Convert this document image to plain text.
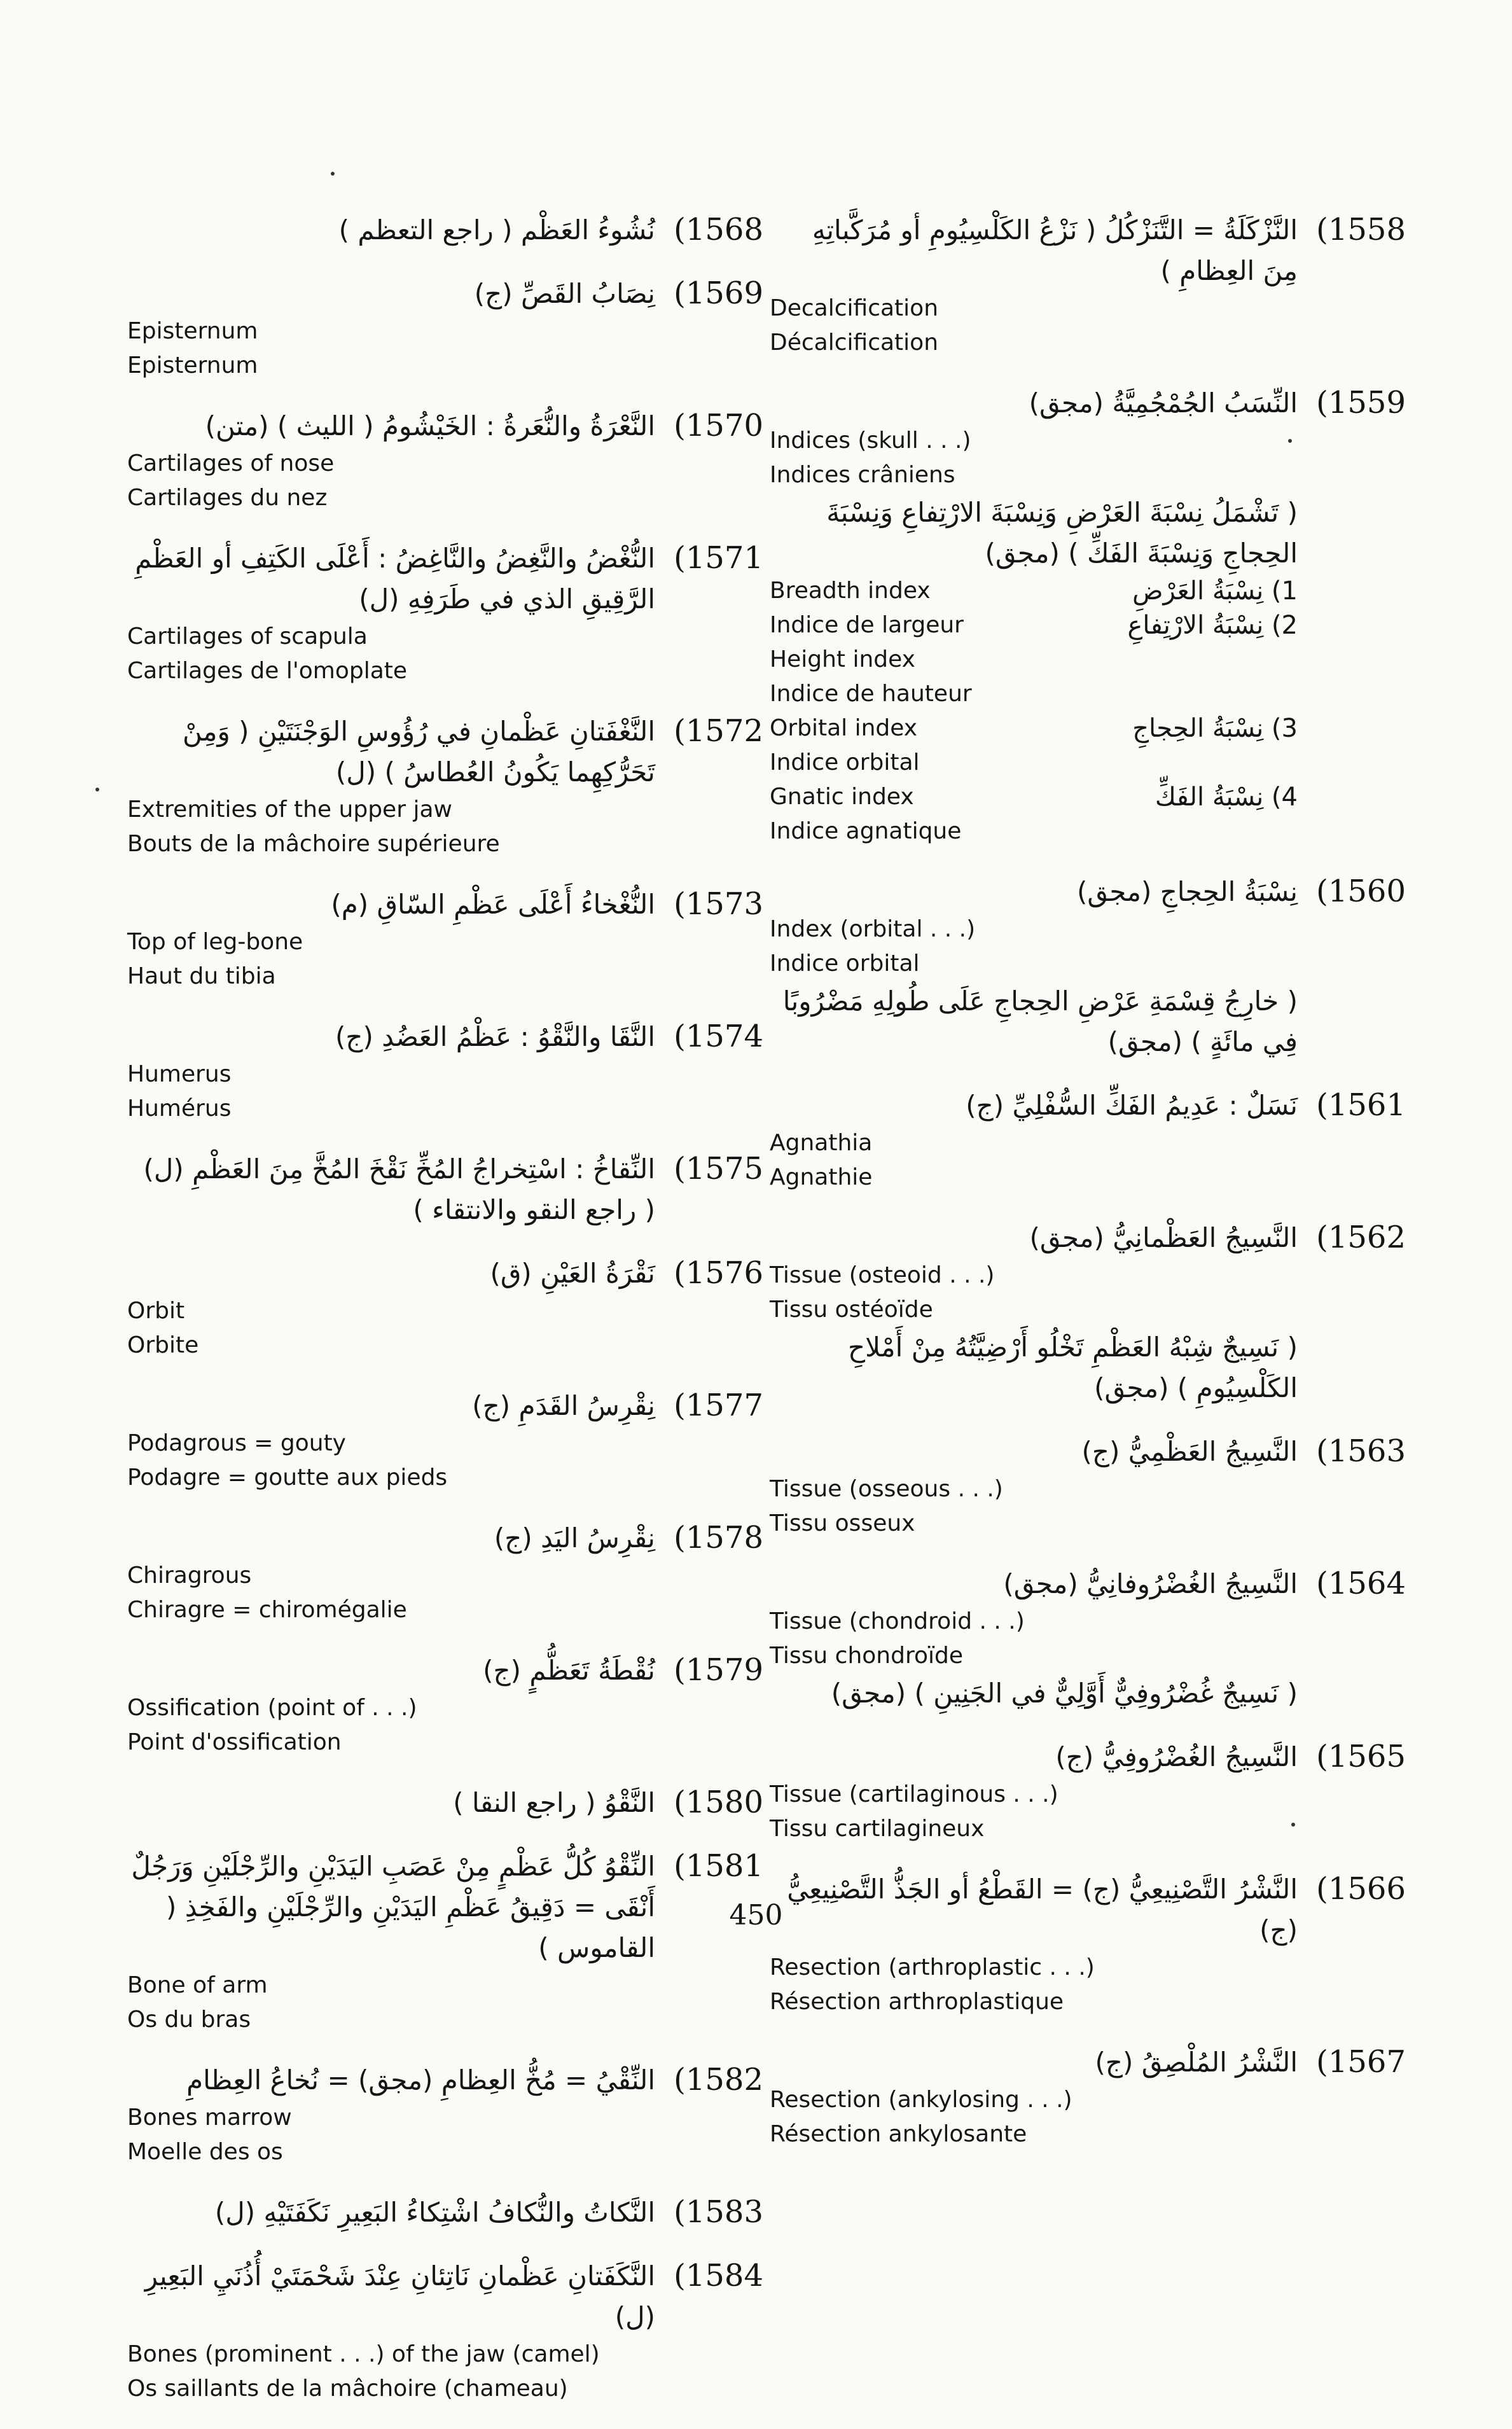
(1568
نُشُوءُ العَظْم ( راجع التعظم )
(1569
نِصَابُ القَصِّ (ج)
Episternum
Episternum
(1570
النَّعْرَةُ والنُّعَرةُ : الخَيْشُومُ ( الليث ) (متن)
Cartilages of nose
Cartilages du nez
(1571
النُّغْضُ والنَّغِضُ والنَّاغِضُ : أَعْلَى الكَتِفِ أو العَظْمِ الرَّقِيقِ الذي في طَرَفِهِ (ل)
Cartilages of scapula
Cartilages de l'omoplate
(1572
النَّغْفَتانِ عَظْمانِ في رُؤُوسِ الوَجْنَتَيْنِ ( وَمِنْ تَحَرُّكِهِما يَكُونُ العُطاسُ ) (ل)
Extremities of the upper jaw
Bouts de la mâchoire supérieure
(1573
النُّغْخاءُ أَعْلَى عَظْمِ السّاقِ (م)
Top of leg-bone
Haut du tibia
(1574
النَّقَا والنَّقْوُ : عَظْمُ العَضُدِ (ج)
Humerus
Humérus
(1575
النِّقاخُ : اسْتِخراجُ المُخِّ نَقْخَ المُخَّ مِنَ العَظْمِ (ل) ( راجع النقو والانتقاء )
(1576
نَقْرَةُ العَيْنِ (ق)
Orbit
Orbite
(1577
نِقْرِسُ القَدَمِ (ج)
Podagrous = gouty
Podagre = goutte aux pieds
(1578
نِقْرِسُ اليَدِ (ج)
Chiragrous
Chiragre = chiromégalie
(1579
نُقْطَةُ تَعَظُّمٍ (ج)
Ossification (point of . . .)
Point d'ossification
(1580
النَّقْوُ ( راجع النقا )
(1581
النِّقْوُ كُلُّ عَظْمٍ مِنْ عَصَبِ اليَدَيْنِ والرِّجْلَيْنِ وَرَجُلٌ أَنْقَى = دَقِيقُ عَظْمِ اليَدَيْنِ والرِّجْلَيْنِ والفَخِذِ ( القاموس )
Bone of arm
Os du bras
(1582
النِّقْيُ = مُخُّ العِظامِ (مجق) = نُخاعُ العِظامِ
Bones marrow
Moelle des os
(1583
النَّكاتُ والنُّكافُ اشْتِكاءُ البَعِيرِ نَكَفَتَيْهِ (ل)
(1584
النَّكَفَتانِ عَظْمانِ نَاتِئانِ عِنْدَ شَحْمَتَيْ أُذُنَيِ البَعِيرِ (ل)
Bones (prominent . . .) of the jaw (camel)
Os saillants de la mâchoire (chameau)
(1558
النَّزْكَلَةُ = التَّنَزْكُلُ ( نَزْعُ الكَلْسِيُومِ أو مُرَكَّباتِهِ مِنَ العِظامِ )
Decalcification
Décalcification
(1559
النِّسَبُ الجُمْجُمِيَّةُ (مجق)
Indices (skull . . .)
Indices crâniens
( تَشْمَلُ نِسْبَةَ العَرْضِ وَنِسْبَةَ الارْتِفاعِ وَنِسْبَةَ الحِجاجِ وَنِسْبَةَ الفَكِّ ) (مجق)
Breadth index
Indice de largeur
Height index
Indice de hauteur
1) نِسْبَةُ العَرْضِ
2) نِسْبَةُ الارْتِفاعِ
Orbital index
Indice orbital
3) نِسْبَةُ الحِجاجِ
Gnatic index
Indice agnatique
4) نِسْبَةُ الفَكِّ
(1560
نِسْبَةُ الحِجاجِ (مجق)
Index (orbital . . .)
Indice orbital
( خارِجُ قِسْمَةِ عَرْضِ الحِجاجِ عَلَى طُولِهِ مَضْرُوبًا فِي مائَةٍ ) (مجق)
(1561
نَسَلٌ : عَدِيمُ الفَكِّ السُّفْلِيِّ (ج)
Agnathia
Agnathie
(1562
النَّسِيجُ العَظْمانِيُّ (مجق)
Tissue (osteoid . . .)
Tissu ostéoïde
( نَسِيجٌ شِبْهُ العَظْمِ تَخْلُو أَرْضِيَّتُهُ مِنْ أَمْلاحِ الكَلْسِيُومِ ) (مجق)
(1563
النَّسِيجُ العَظْمِيُّ (ج)
Tissue (osseous . . .)
Tissu osseux
(1564
النَّسِيجُ الغُضْرُوفانِيُّ (مجق)
Tissue (chondroid . . .)
Tissu chondroïde
( نَسِيجٌ غُضْرُوفِيٌّ أَوَّلِيٌّ في الجَنِينِ ) (مجق)
(1565
النَّسِيجُ الغُضْرُوفِيُّ (ج)
Tissue (cartilaginous . . .)
Tissu cartilagineux
(1566
النَّشْرُ التَّصْنِيعِيُّ (ج) = القَطْعُ أو الجَذُّ التَّصْنِيعِيُّ (ج)
Resection (arthroplastic . . .)
Résection arthroplastique
(1567
النَّشْرُ المُلْصِقُ (ج)
Resection (ankylosing . . .)
Résection ankylosante
450
